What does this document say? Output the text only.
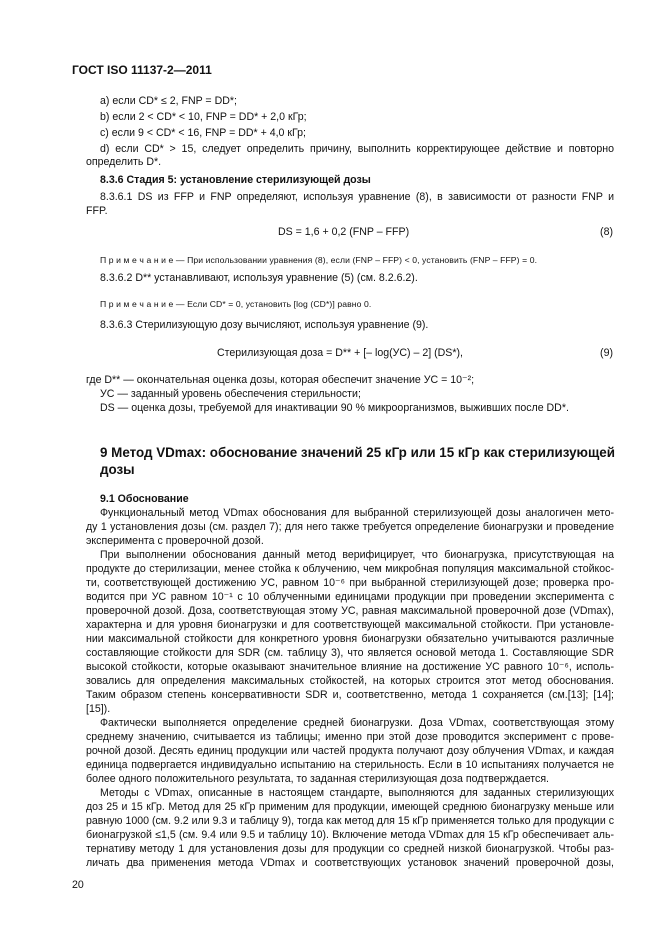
ГОСТ ISO 11137-2—2011
а) если CD* ≤ 2, FNP = DD*;
b) если 2 < CD* < 10, FNP = DD* + 2,0 кГр;
c) если 9 < CD* < 16, FNP = DD* + 4,0 кГр;
d) если CD* > 15, следует определить причину, выполнить корректирующее действие и повторно
определить D*.
8.3.6 Стадия 5: установление стерилизующей дозы
8.3.6.1 DS из FFP и FNP определяют, используя уравнение (8), в зависимости от разности FNP и
FFP.
DS = 1,6 + 0,2 (FNP – FFP)	(8)
П р и м е ч а н и е — При использовании уравнения (8), если (FNP – FFP) < 0, установить (FNP – FFP) = 0.
8.3.6.2 D** устанавливают, используя уравнение (5) (см. 8.2.6.2).
П р и м е ч а н и е — Если CD* = 0, установить [log (CD*)] равно 0.
8.3.6.3 Стерилизующую дозу вычисляют, используя уравнение (9).
Стерилизующая доза = D** + [– log(УС) – 2] (DS*),	(9)
где D** — окончательная оценка дозы, которая обеспечит значение УС = 10⁻²;
УС — заданный уровень обеспечения стерильности;
DS — оценка дозы, требуемой для инактивации 90 % микроорганизмов, выживших после DD*.
9 Метод VDmax: обоснование значений 25 кГр или 15 кГр как стерилизующей
дозы
9.1 Обоснование
Функциональный метод VDmax обоснования для выбранной стерилизующей дозы аналогичен мето-
ду 1 установления дозы (см. раздел 7); для него также требуется определение бионагрузки и проведение
эксперимента с проверочной дозой.
При выполнении обоснования данный метод верифицирует, что бионагрузка, присутствующая на
продукте до стерилизации, менее стойка к облучению, чем микробная популяция максимальной стойкос-
ти, соответствующей достижению УС, равном 10⁻⁶ при выбранной стерилизующей дозе; проверка про-
водится при УС равном 10⁻¹ с 10 облученными единицами продукции при проведении эксперимента с
проверочной дозой. Доза, соответствующая этому УС, равная максимальной проверочной дозе (VDmax),
характерна и для уровня бионагрузки и для соответствующей максимальной стойкости. При установле-
нии максимальной стойкости для конкретного уровня бионагрузки обязательно учитываются различные
составляющие стойкости для SDR (см. таблицу 3), что является основой метода 1. Составляющие SDR
высокой стойкости, которые оказывают значительное влияние на достижение УС равного 10⁻⁶, исполь-
зовались для определения максимальных стойкостей, на которых строится этот метод обоснования.
Таким образом степень консервативности SDR и, соответственно, метода 1 сохраняется (см.[13]; [14];
[15]).
Фактически выполняется определение средней бионагрузки. Доза VDmax, соответствующая этому
среднему значению, считывается из таблицы; именно при этой дозе проводится эксперимент с прове-
рочной дозой. Десять единиц продукции или частей продукта получают дозу облучения VDmax, и каждая
единица подвергается индивидуально испытанию на стерильность. Если в 10 испытаниях получается не
более одного положительного результата, то заданная стерилизующая доза подтверждается.
Методы с VDmax, описанные в настоящем стандарте, выполняются для заданных стерилизующих
доз 25 и 15 кГр. Метод для 25 кГр применим для продукции, имеющей среднюю бионагрузку меньше или
равную 1000 (см. 9.2 или 9.3 и таблицу 9), тогда как метод для 15 кГр применяется только для продукции с
бионагрузкой ≤1,5 (см. 9.4 или 9.5 и таблицу 10). Включение метода VDmax для 15 кГр обеспечивает аль-
тернативу методу 1 для установления дозы для продукции со средней низкой бионагрузкой. Чтобы раз-
личать два применения метода VDmax и соответствующих установок значений проверочной дозы,
20
